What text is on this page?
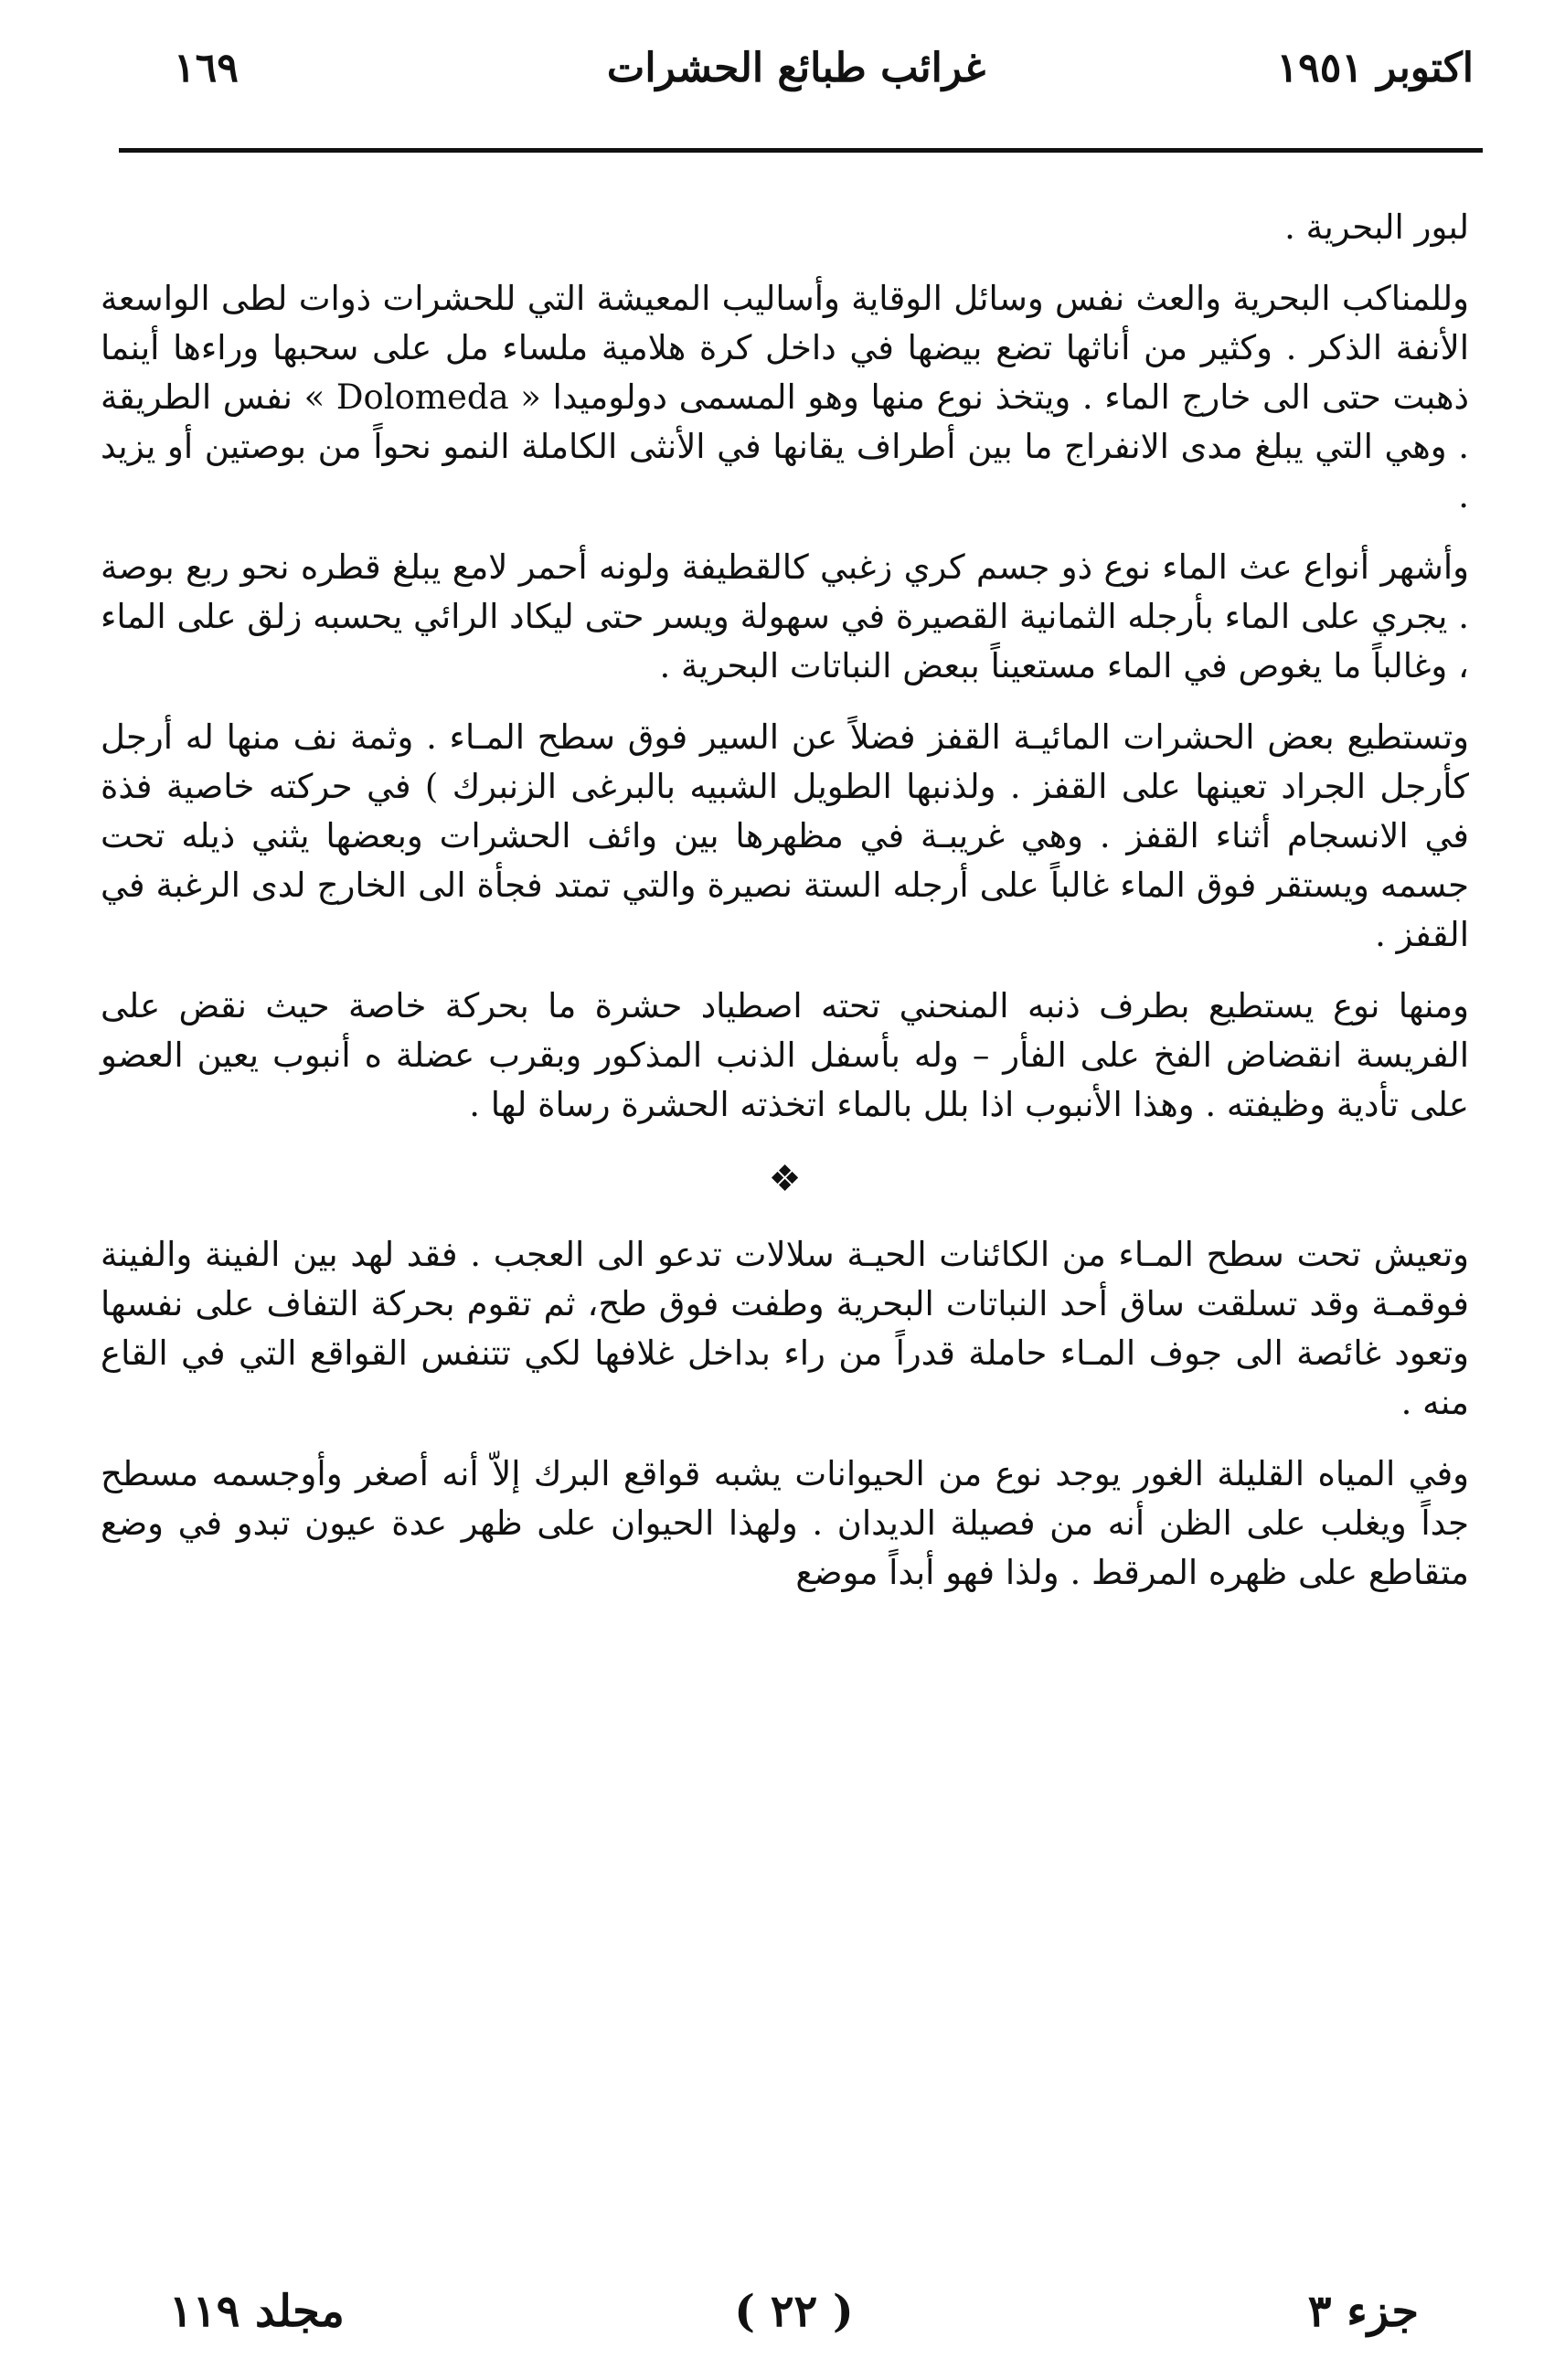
اكتوبر ١٩٥١
غرائب طبائع الحشرات
١٦٩

لبور البحرية .

وللمناكب البحرية والعث نفس وسائل الوقاية وأساليب المعيشة التي للحشرات ذوات لطى الواسعة الأنفة الذكر . وكثير من أناثها تضع بيضها في داخل كرة هلامية ملساء مل على سحبها وراءها أينما ذهبت حتى الى خارج الماء . ويتخذ نوع منها وهو المسمى دولوميدا « Dolomeda » نفس الطريقة . وهي التي يبلغ مدى الانفراج ما بين أطراف يقانها في الأنثى الكاملة النمو نحواً من بوصتين أو يزيد .

وأشهر أنواع عث الماء نوع ذو جسم كري زغبي كالقطيفة ولونه أحمر لامع يبلغ قطره نحو ربع بوصة . يجري على الماء بأرجله الثمانية القصيرة في سهولة ويسر حتى ليكاد الرائي يحسبه زلق على الماء ، وغالباً ما يغوص في الماء مستعيناً ببعض النباتات البحرية .

وتستطيع بعض الحشرات المائيـة القفز فضلاً عن السير فوق سطح المـاء . وثمة نف منها له أرجل كأرجل الجراد تعينها على القفز . ولذنبها الطويل الشبيه بالبرغى الزنبرك ) في حركته خاصية فذة في الانسجام أثناء القفز . وهي غريبـة في مظهرها بين وائف الحشرات وبعضها يثني ذيله تحت جسمه ويستقر فوق الماء غالباً على أرجله الستة نصيرة والتي تمتد فجأة الى الخارج لدى الرغبة في القفز .

ومنها نوع يستطيع بطرف ذنبه المنحني تحته اصطياد حشرة ما بحركة خاصة حيث نقض على الفريسة انقضاض الفخ على الفأر – وله بأسفل الذنب المذكور وبقرب عضلة ه أنبوب يعين العضو على تأدية وظيفته . وهذا الأنبوب اذا بلل بالماء اتخذته الحشرة رساة لها .

❖

وتعيش تحت سطح المـاء من الكائنات الحيـة سلالات تدعو الى العجب . فقد لهد بين الفينة والفينة فوقمـة وقد تسلقت ساق أحد النباتات البحرية وطفت فوق طح، ثم تقوم بحركة التفاف على نفسها وتعود غائصة الى جوف المـاء حاملة قدراً من راء بداخل غلافها لكي تتنفس القواقع التي في القاع منه .

وفي المياه القليلة الغور يوجد نوع من الحيوانات يشبه قواقع البرك إلاّ أنه أصغر وأوجسمه مسطح جداً ويغلب على الظن أنه من فصيلة الديدان . ولهذا الحيوان على ظهر عدة عيون تبدو في وضع متقاطع على ظهره المرقط . ولذا فهو أبداً موضع

جزء ٣
( ٢٢ )
مجلد ١١٩
